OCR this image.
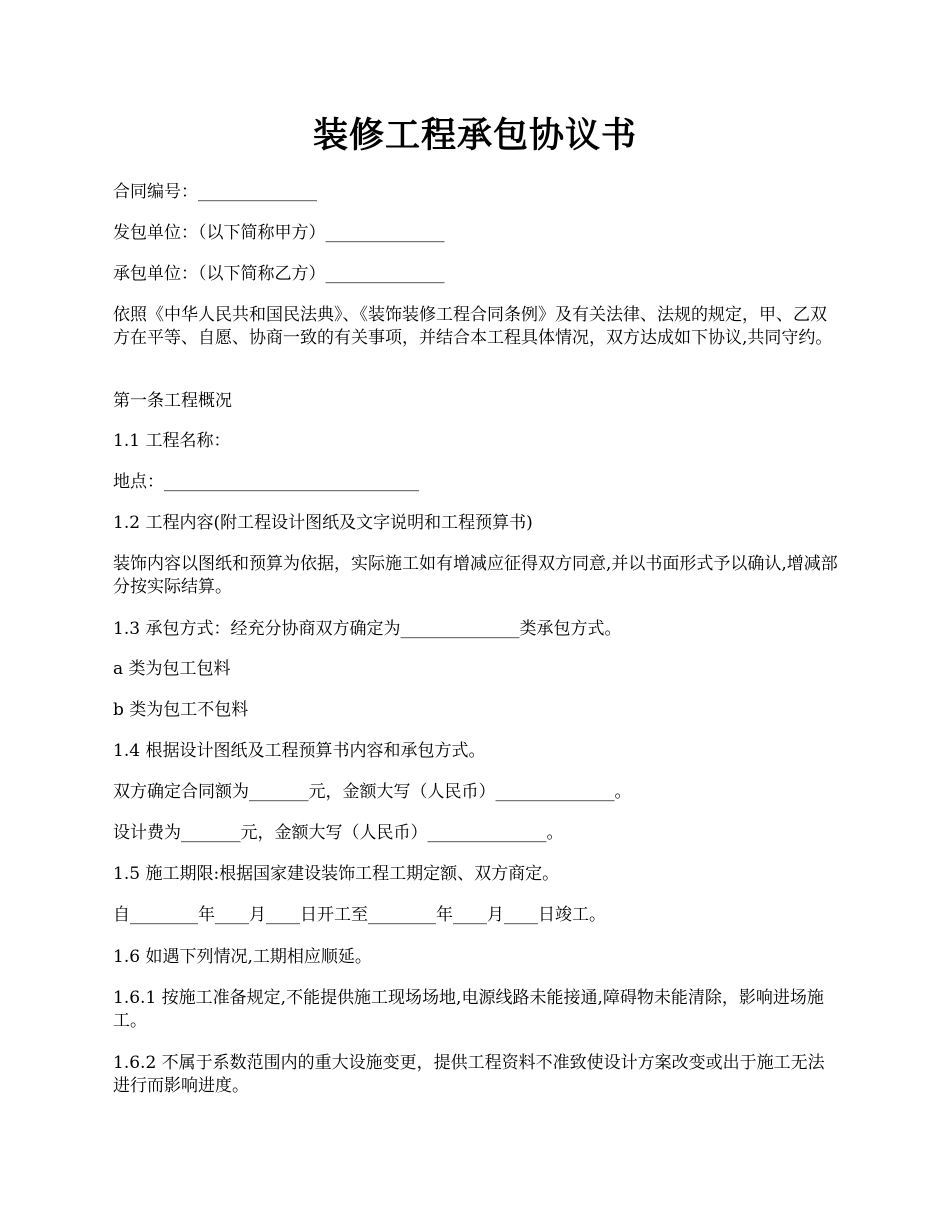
装修工程承包协议书

合同编号：______________

发包单位：（以下简称甲方）______________

承包单位：（以下简称乙方）______________

依照《中华人民共和国民法典》、《装饰装修工程合同条例》及有关法律、法规的规定，甲、乙双方在平等、自愿、协商一致的有关事项，并结合本工程具体情况，双方达成如下协议,共同守约。

第一条工程概况

1.1 工程名称：

地点：______________________________

1.2 工程内容(附工程设计图纸及文字说明和工程预算书)

装饰内容以图纸和预算为依据，实际施工如有增减应征得双方同意,并以书面形式予以确认,增减部分按实际结算。

1.3 承包方式：经充分协商双方确定为______________类承包方式。

a 类为包工包料

b 类为包工不包料

1.4 根据设计图纸及工程预算书内容和承包方式。

双方确定合同额为_______元，金额大写（人民币）______________。

设计费为_______元，金额大写（人民币）______________。

1.5 施工期限:根据国家建设装饰工程工期定额、双方商定。

自________年____月____日开工至________年____月____日竣工。

1.6 如遇下列情况,工期相应顺延。

1.6.1 按施工准备规定,不能提供施工现场场地,电源线路未能接通,障碍物未能清除，影响进场施工。

1.6.2 不属于系数范围内的重大设施变更，提供工程资料不准致使设计方案改变或出于施工无法进行而影响进度。
